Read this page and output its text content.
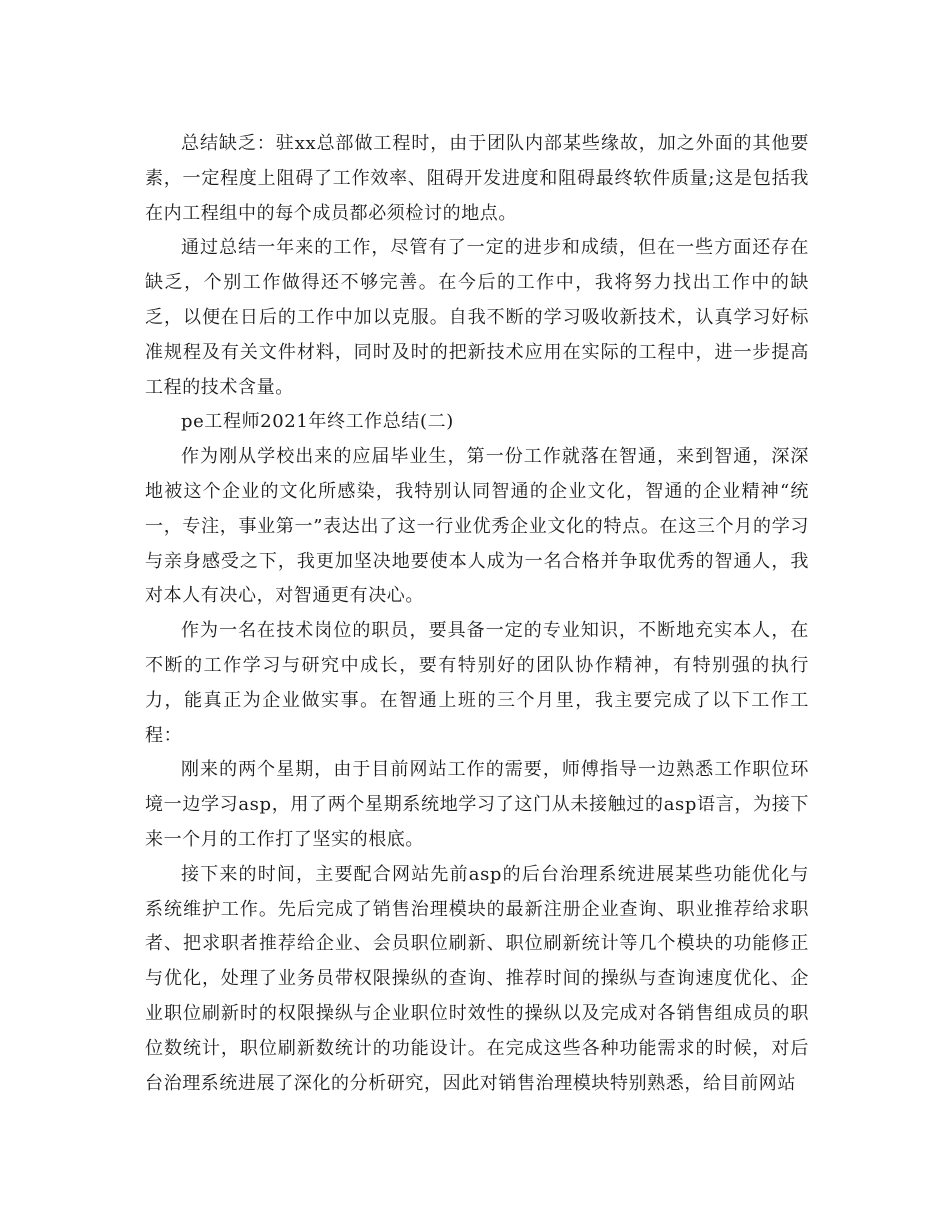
总结缺乏：驻xx总部做工程时，由于团队内部某些缘故，加之外面的其他要素，一定程度上阻碍了工作效率、阻碍开发进度和阻碍最终软件质量;这是包括我在内工程组中的每个成员都必须检讨的地点。

通过总结一年来的工作，尽管有了一定的进步和成绩，但在一些方面还存在缺乏，个别工作做得还不够完善。在今后的工作中，我将努力找出工作中的缺乏，以便在日后的工作中加以克服。自我不断的学习吸收新技术，认真学习好标准规程及有关文件材料，同时及时的把新技术应用在实际的工程中，进一步提高工程的技术含量。

pe工程师2021年终工作总结(二)

作为刚从学校出来的应届毕业生，第一份工作就落在智通，来到智通，深深地被这个企业的文化所感染，我特别认同智通的企业文化，智通的企业精神“统一，专注，事业第一”表达出了这一行业优秀企业文化的特点。在这三个月的学习与亲身感受之下，我更加坚决地要使本人成为一名合格并争取优秀的智通人，我对本人有决心，对智通更有决心。

作为一名在技术岗位的职员，要具备一定的专业知识，不断地充实本人，在不断的工作学习与研究中成长，要有特别好的团队协作精神，有特别强的执行力，能真正为企业做实事。在智通上班的三个月里，我主要完成了以下工作工程：

刚来的两个星期，由于目前网站工作的需要，师傅指导一边熟悉工作职位环境一边学习asp，用了两个星期系统地学习了这门从未接触过的asp语言，为接下来一个月的工作打了坚实的根底。

接下来的时间，主要配合网站先前asp的后台治理系统进展某些功能优化与系统维护工作。先后完成了销售治理模块的最新注册企业查询、职业推荐给求职者、把求职者推荐给企业、会员职位刷新、职位刷新统计等几个模块的功能修正与优化，处理了业务员带权限操纵的查询、推荐时间的操纵与查询速度优化、企业职位刷新时的权限操纵与企业职位时效性的操纵以及完成对各销售组成员的职位数统计，职位刷新数统计的功能设计。在完成这些各种功能需求的时候，对后台治理系统进展了深化的分析研究，因此对销售治理模块特别熟悉，给目前网站
